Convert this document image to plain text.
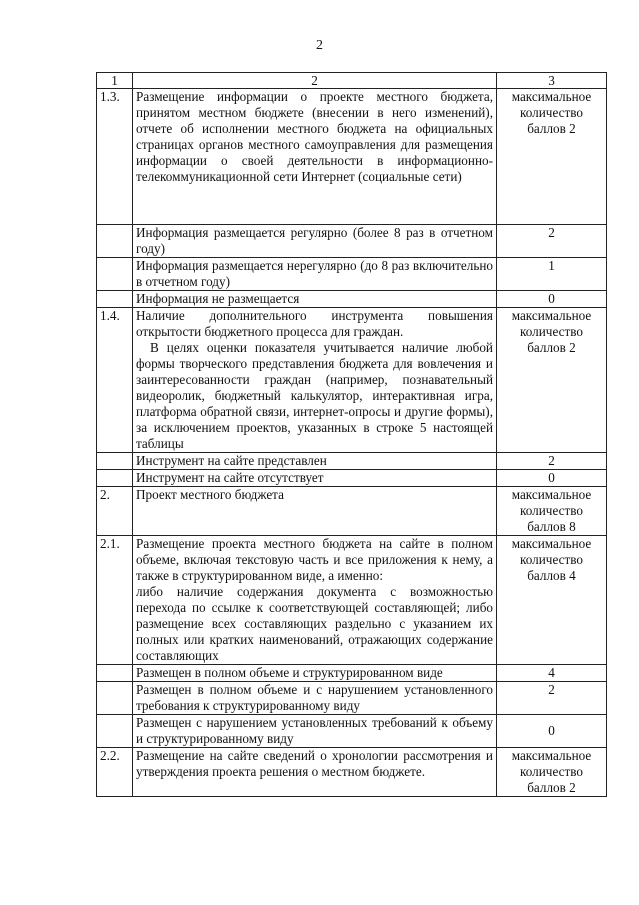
2
1	2	3
1.3.	Размещение информации о проекте местного бюджета, принятом местном бюджете (внесении в него изменений), отчете об исполнении местного бюджета на официальных страницах органов местного самоуправления для размещения информации о своей деятельности в информационно-телекоммуникационной сети Интернет (социальные сети)	максимальное количество баллов 2
	Информация размещается регулярно (более 8 раз в отчетном году)	2
	Информация размещается нерегулярно (до 8 раз включительно в отчетном году)	1
	Информация не размещается	0
1.4.	Наличие дополнительного инструмента повышения открытости бюджетного процесса для граждан.
В целях оценки показателя учитывается наличие любой формы творческого представления бюджета для вовлечения и заинтересованности граждан (например, познавательный видеоролик, бюджетный калькулятор, интерактивная игра, платформа обратной связи, интернет-опросы и другие формы), за исключением проектов, указанных в строке 5 настоящей таблицы	максимальное количество баллов 2
	Инструмент на сайте представлен	2
	Инструмент на сайте отсутствует	0
2.	Проект местного бюджета	максимальное количество баллов 8
2.1.	Размещение проекта местного бюджета на сайте в полном объеме, включая текстовую часть и все приложения к нему, а также в структурированном виде, а именно:
либо наличие содержания документа с возможностью перехода по ссылке к соответствующей составляющей; либо размещение всех составляющих раздельно с указанием их полных или кратких наименований, отражающих содержание составляющих	максимальное количество баллов 4
	Размещен в полном объеме и структурированном виде	4
	Размещен в полном объеме и с нарушением установленного требования к структурированному виду	2
	Размещен с нарушением установленных требований к объему и структурированному виду	0
2.2.	Размещение на сайте сведений о хронологии рассмотрения и утверждения проекта решения о местном бюджете.	максимальное количество баллов 2
